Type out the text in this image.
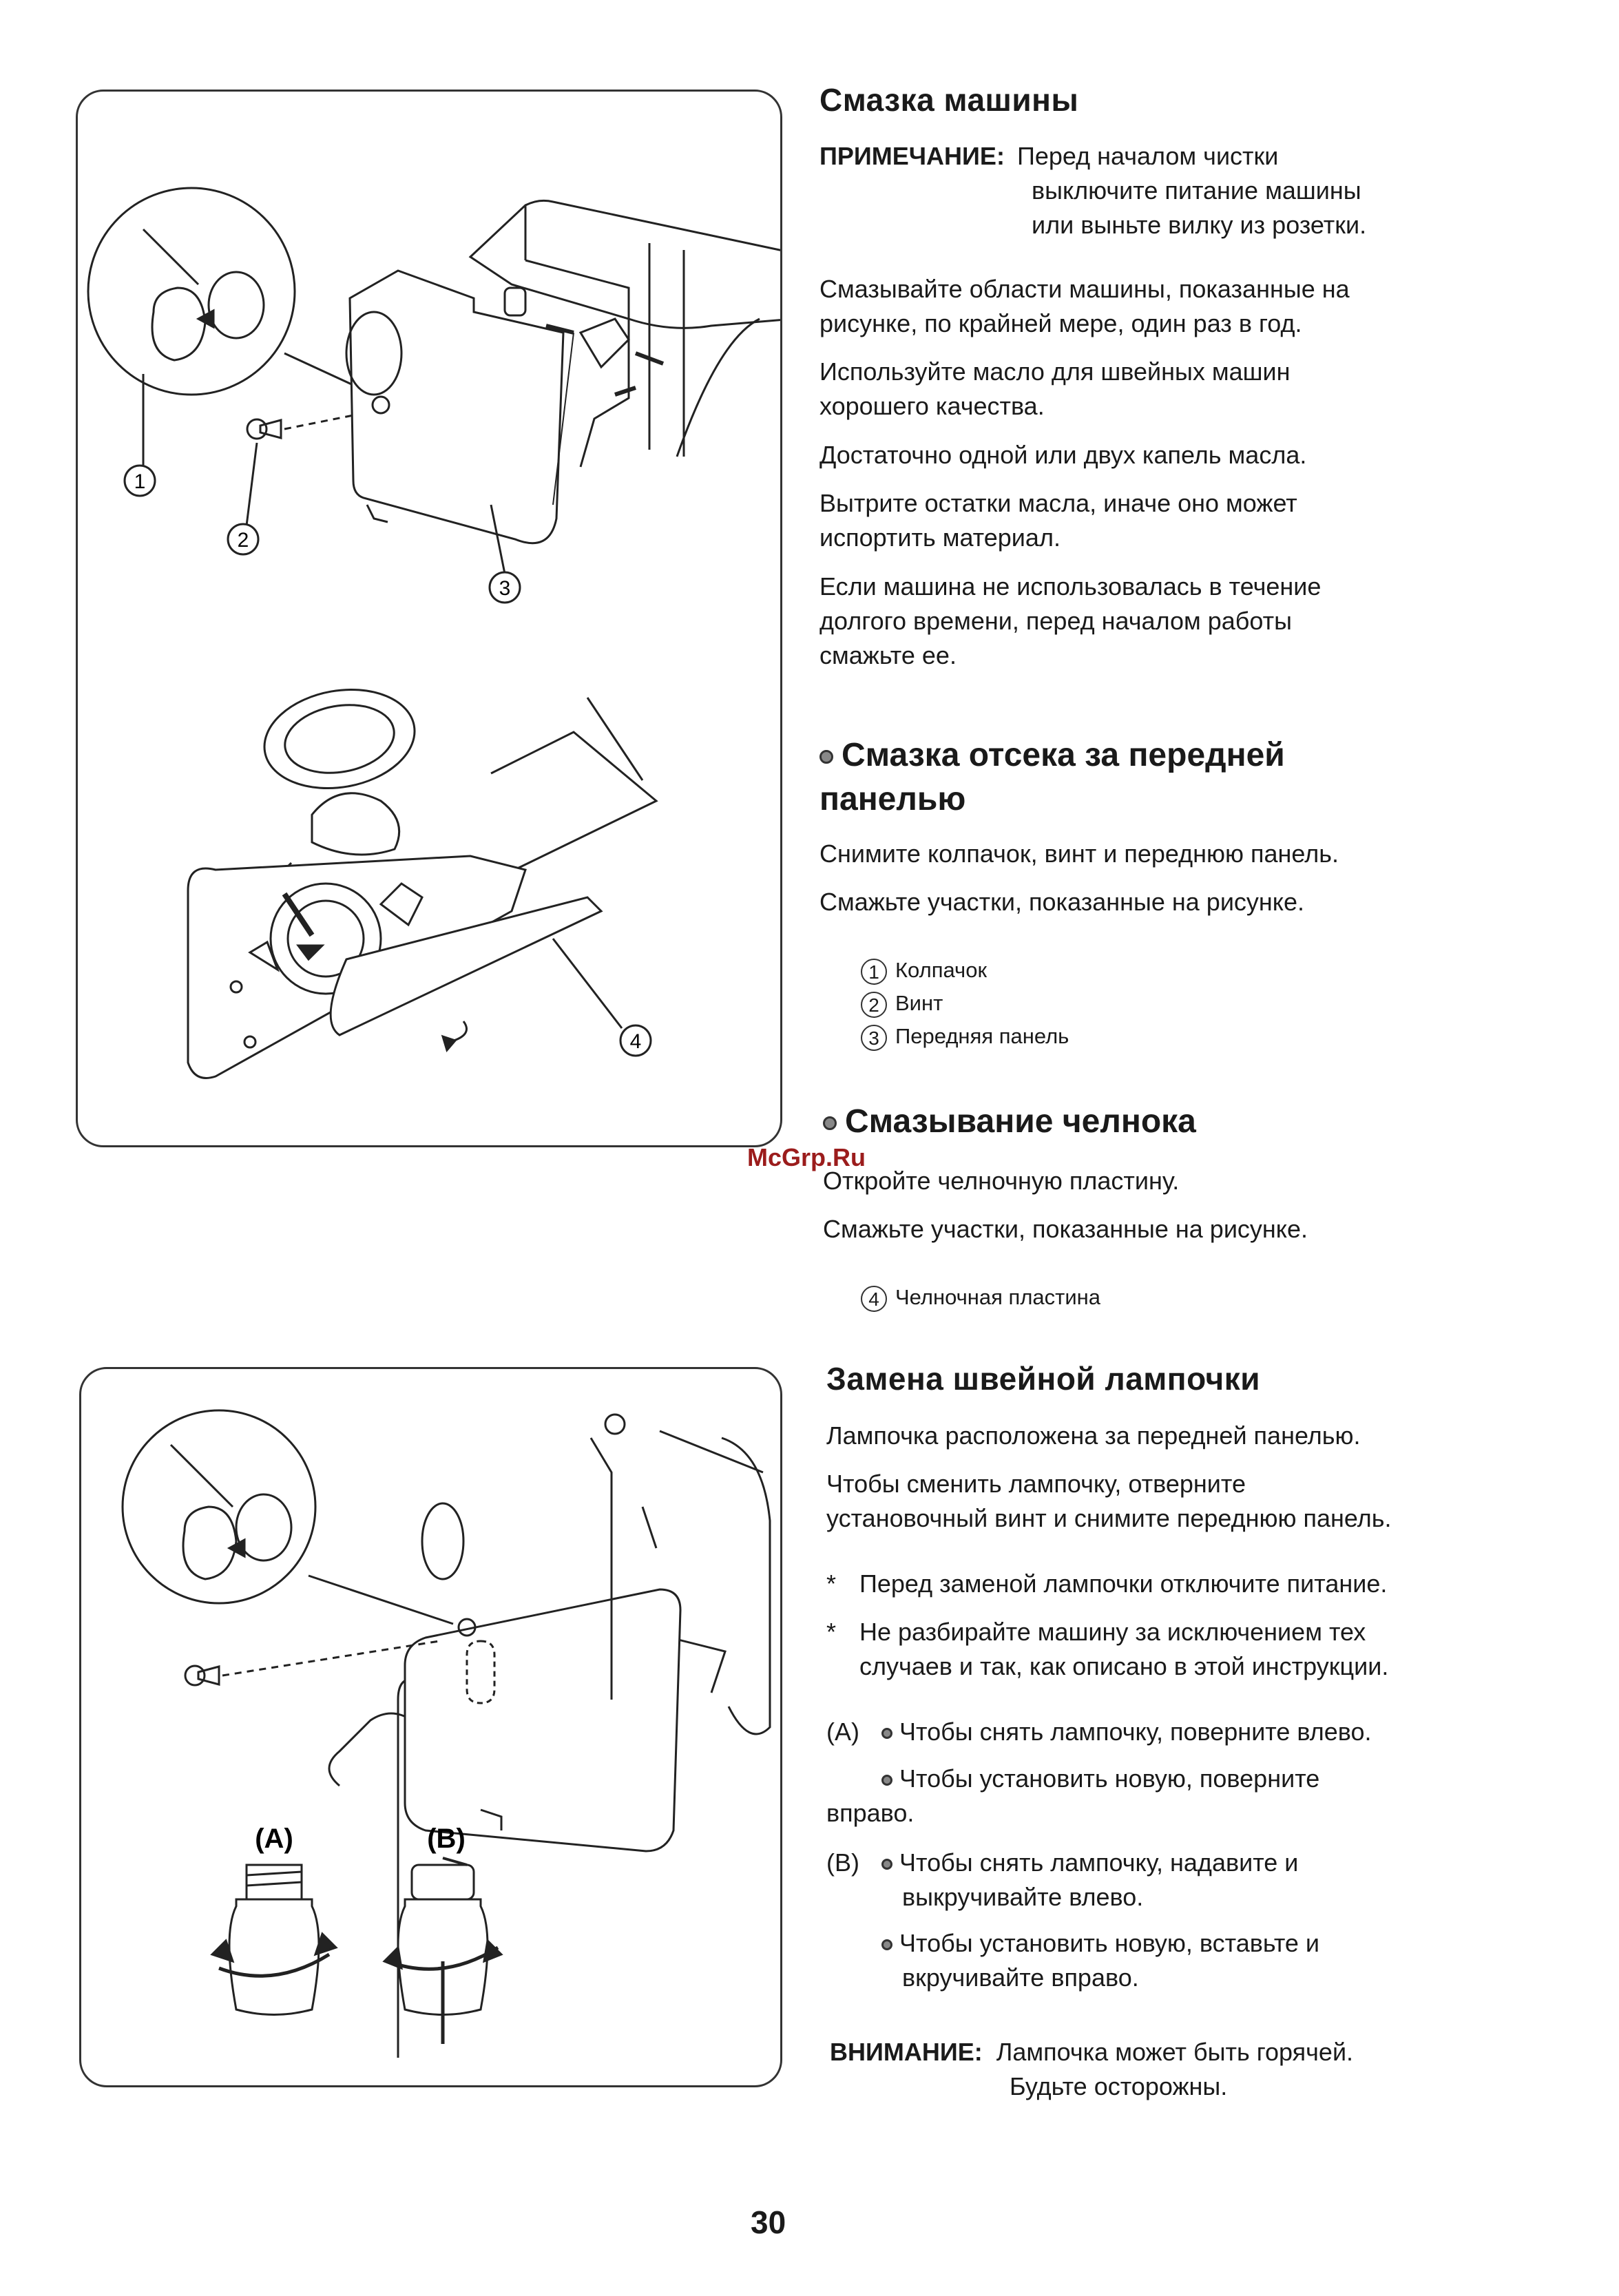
1
2
3
4
(A)	(B)
Смазка машины
ПРИМЕЧАНИЕ: Перед началом чистки
выключите питание машины
или выньте вилку из розетки.
Смазывайте области машины, показанные на
рисунке, по крайней мере, один раз в год.
Используйте масло для швейных машин
хорошего качества.
Достаточно одной или двух капель масла.
Вытрите остатки масла, иначе оно может
испортить материал.
Если машина не использовалась в течение
долгого времени, перед началом работы
смажьте ее.
Смазка отсека за передней
панелью
Снимите колпачок, винт и переднюю панель.
Смажьте участки, показанные на рисунке.
1 Колпачок
2 Винт
3 Передняя панель
Смазывание челнока
McGrp.Ru
Откройте челночную пластину.
Смажьте участки, показанные на рисунке.
4 Челночная пластина
Замена швейной лампочки
Лампочка расположена за передней панелью.
Чтобы сменить лампочку, отверните
установочный винт и снимите переднюю панель.
* Перед заменой лампочки отключите питание.
* Не разбирайте машину за исключением тех
случаев и так, как описано в этой инструкции.
(A) Чтобы снять лампочку, поверните влево.
Чтобы установить новую, поверните
вправо.
(B) Чтобы снять лампочку, надавите и
выкручивайте влево.
Чтобы установить новую, вставьте и
вкручивайте вправо.
ВНИМАНИЕ: Лампочка может быть горячей.
Будьте осторожны.
30
